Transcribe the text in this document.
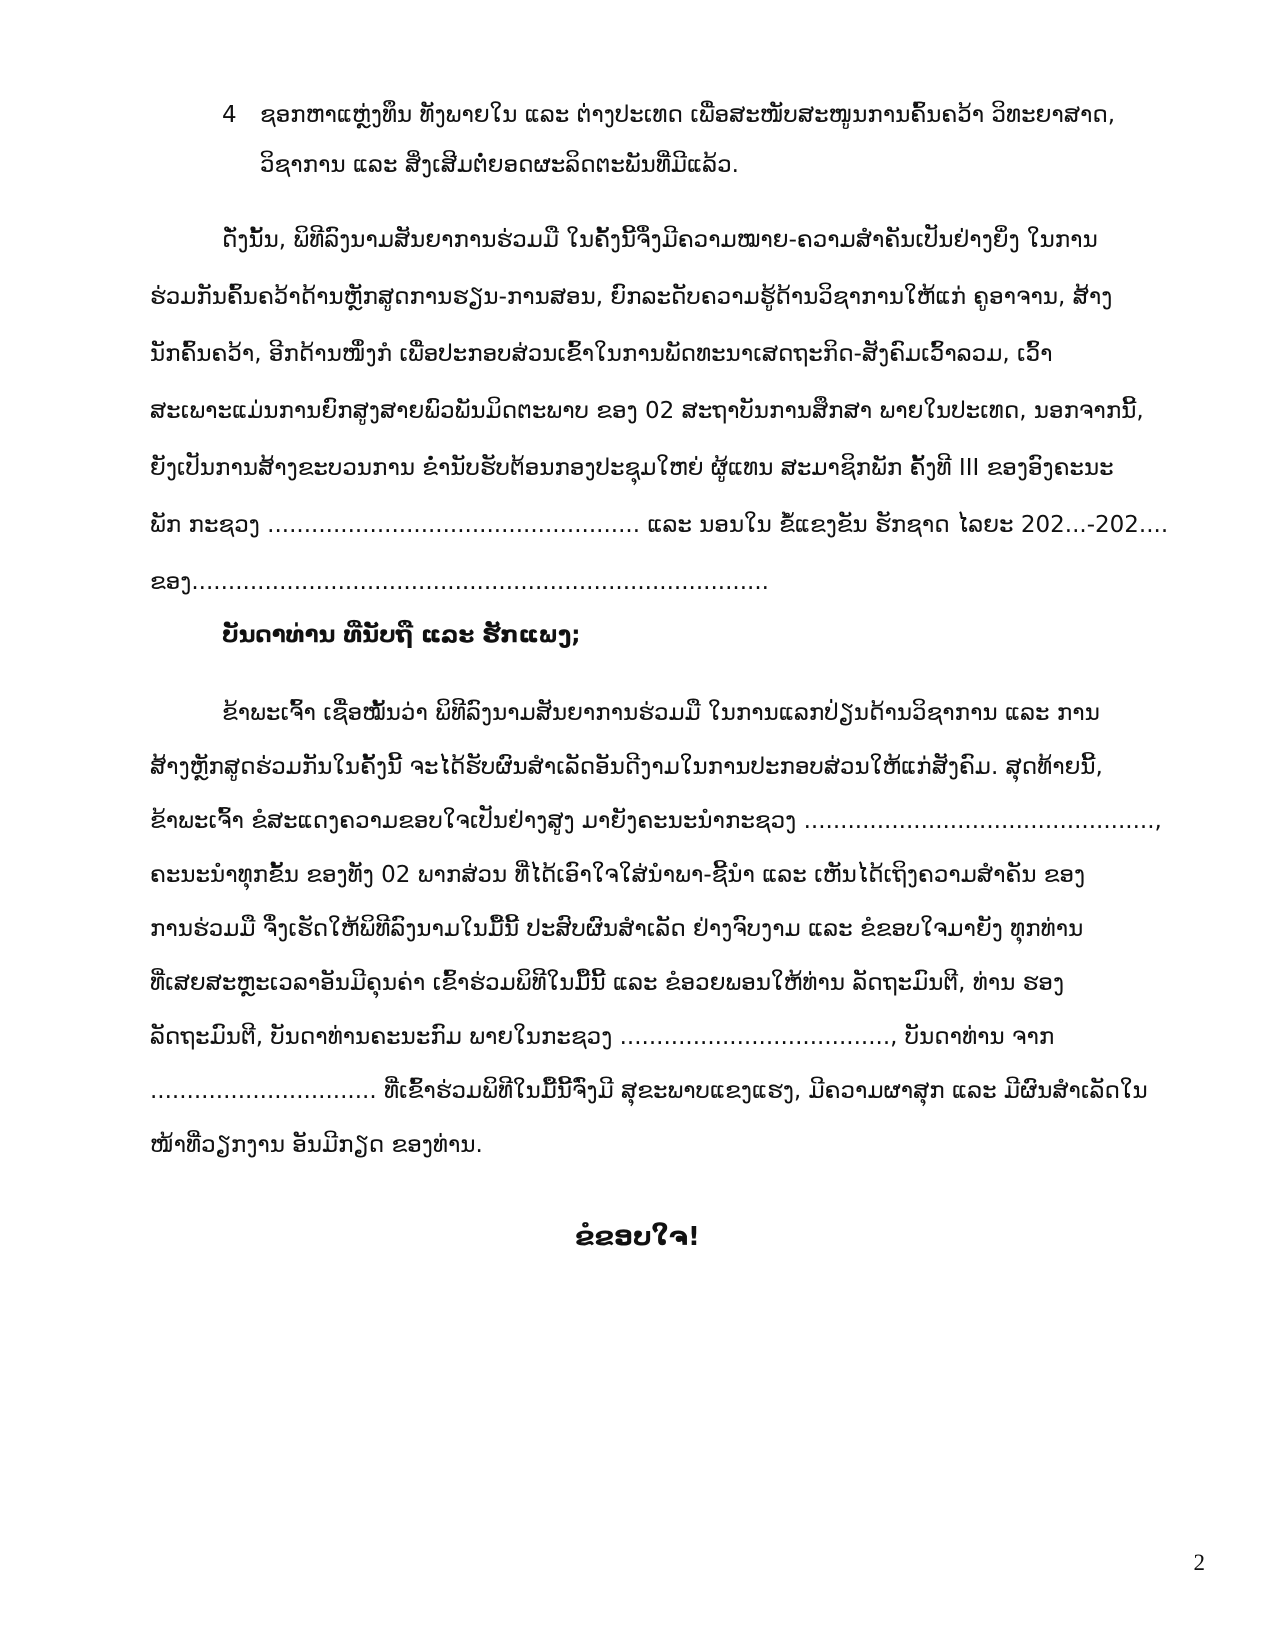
4	ຊອກຫາແຫຼ່ງທຶນ ທັງພາຍໃນ ແລະ ຕ່າງປະເທດ ເພື່ອສະໜັບສະໜູນການຄົ້ນຄວ້າ ວິທະຍາສາດ,
ວິຊາການ ແລະ ສິ່ງເສີມຕໍ່ຍອດຜະລິດຕະພັນທີ່ມີແລ້ວ.
ດັ່ງນັ້ນ, ພິທີລົງນາມສັນຍາການຮ່ວມມື ໃນຄັ້ງນີ້ຈຶ່ງມີຄວາມໝາຍ-ຄວາມສໍາຄັນເປັນຢ່າງຍິ່ງ ໃນການ
ຮ່ວມກັນຄົ້ນຄວ້າດ້ານຫຼັກສູດການຮຽນ-ການສອນ, ຍົກລະດັບຄວາມຮູ້ດ້ານວິຊາການໃຫ້ແກ່ ຄູອາຈານ, ສ້າງ
ນັກຄົ້ນຄວ້າ, ອີກດ້ານໜຶ່ງກໍ ເພື່ອປະກອບສ່ວນເຂົ້າໃນການພັດທະນາເສດຖະກິດ-ສັງຄົມເວົ້າລວມ, ເວົ້າ
ສະເພາະແມ່ນການຍົກສູງສາຍພົວພັນມິດຕະພາບ ຂອງ 02 ສະຖາບັນການສຶກສາ ພາຍໃນປະເທດ, ນອກຈາກນີ້,
ຍັງເປັນການສ້າງຂະບວນການ ຂໍ່ານັບຮັບຕ້ອນກອງປະຊຸມໃຫຍ່ ຜູ້ແທນ ສະມາຊິກພັກ ຄັ້ງທີ III ຂອງອົງຄະນະ
ພັກ ກະຊວງ ................................................... ແລະ ນອນໃນ ຂໍ້ແຂງຂັນ ຮັກຊາດ ໄລຍະ 202...-202....
ຂອງ...............................................................................
ບັນດາທ່ານ ທີ່ນັບຖື ແລະ ຮັກແພງ;
ຂ້າພະເຈົ້າ ເຊື່ອໝັ້ນວ່າ ພິທີລົງນາມສັນຍາການຮ່ວມມື ໃນການແລກປ່ຽນດ້ານວິຊາການ ແລະ ການ
ສ້າງຫຼັກສູດຮ່ວມກັນໃນຄັ້ງນີ້ ຈະໄດ້ຮັບຜົນສໍາເລັດອັນດີງາມໃນການປະກອບສ່ວນໃຫ້ແກ່ສັງຄົມ. ສຸດທ້າຍນີ້,
ຂ້າພະເຈົ້າ ຂໍສະແດງຄວາມຂອບໃຈເປັນຢ່າງສູງ ມາຍັງຄະນະນໍາກະຊວງ ................................................,
ຄະນະນໍາທຸກຂັ້ນ ຂອງທັງ 02 ພາກສ່ວນ ທີ່ໄດ້ເອົາໃຈໃສ່ນໍາພາ-ຊີ້ນໍາ ແລະ ເຫັນໄດ້ເຖິງຄວາມສໍາຄັນ ຂອງ
ການຮ່ວມມື ຈຶ່ງເຮັດໃຫ້ພິທີລົງນາມໃນມື້ນີ້ ປະສົບຜົນສໍາເລັດ ຢ່າງຈົບງາມ ແລະ ຂໍຂອບໃຈມາຍັງ ທຸກທ່ານ
ທີ່ເສຍສະຫຼະເວລາອັນມີຄຸນຄ່າ ເຂົ້າຮ່ວມພິທີໃນມື້ນີ້ ແລະ ຂໍອວຍພອນໃຫ້ທ່ານ ລັດຖະມົນຕີ, ທ່ານ ຮອງ
ລັດຖະມົນຕີ, ບັນດາທ່ານຄະນະກົມ ພາຍໃນກະຊວງ ....................................., ບັນດາທ່ານ ຈາກ
............................... ທີ່ເຂົ້າຮ່ວມພິທີໃນມື້ນີ້ຈົ່ງມີ ສຸຂະພາບແຂງແຮງ, ມີຄວາມຜາສຸກ ແລະ ມີຜົນສໍາເລັດໃນ
ໜ້າທີ່ວຽກງານ ອັນມີກຽດ ຂອງທ່ານ.
ຂໍຂອບໃຈ!
2
